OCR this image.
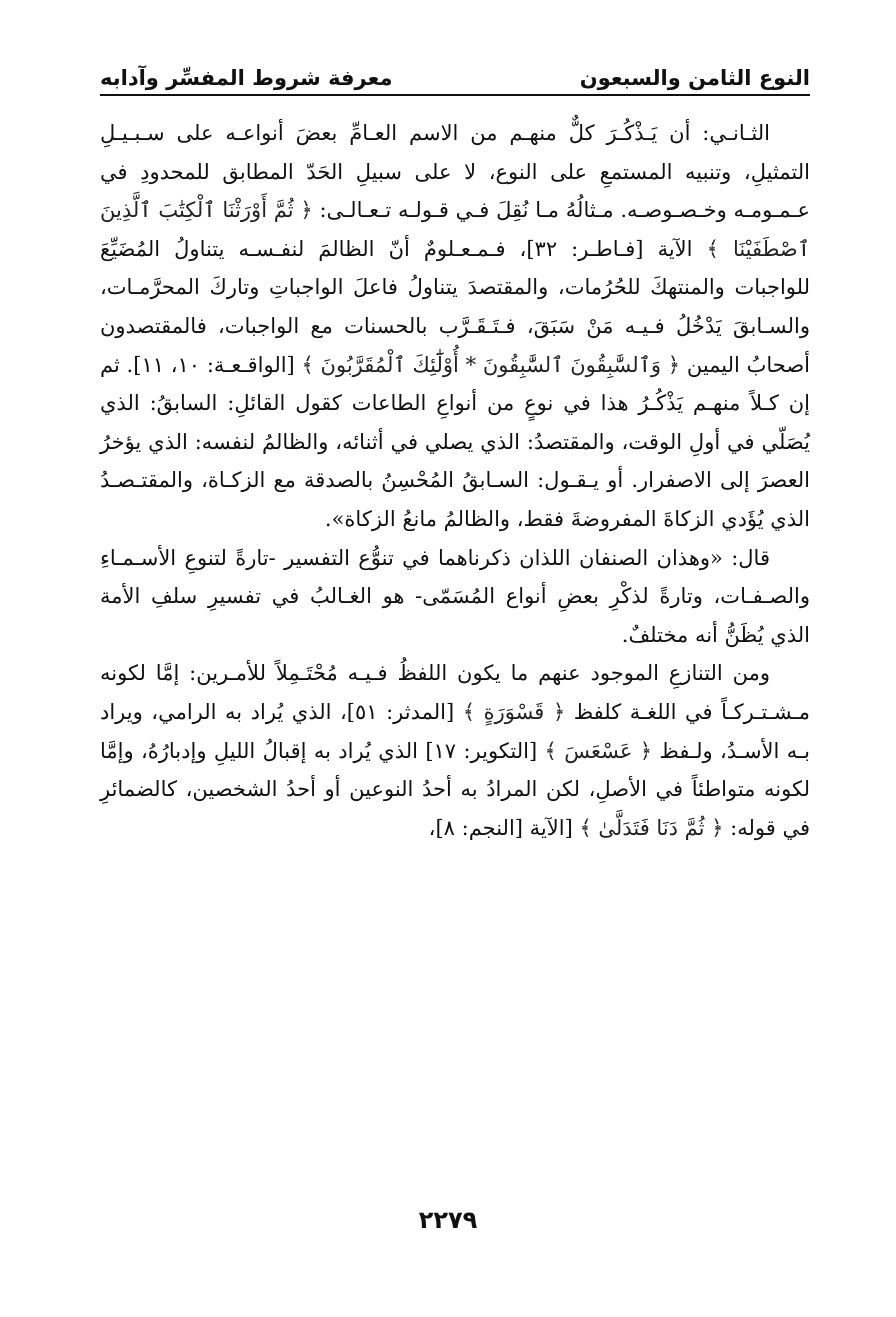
النوع الثامن والسبعون
معرفة شروط المفسِّر وآدابه

الثـانـي: أن يَـذْكُـرَ كلٌّ منهـم من الاسم العـامِّ بعضَ أنواعـه على سـبـيـلِ التمثيلِ، وتنبيه المستمعِ على النوع، لا على سبيلِ الحَدّ المطابق للمحدودِ في عـمـومـه وخـصـوصـه. مـثالُهُ مـا نُقِلَ فـي قـولـه تـعـالـى: ﴿ ثُمَّ أَوْرَثْنَا ٱلْكِتَٰبَ ٱلَّذِينَ ٱصْطَفَيْنَا ﴾ الآية [فـاطـر: ٣٢]، فـمـعـلومٌ أنّ الظالمَ لنفـسـه يتناولُ المُضَيِّعَ للواجبات والمنتهكَ للحُرُمات، والمقتصدَ يتناولُ فاعلَ الواجباتِ وتاركَ المحرَّمـات، والسـابقَ يَدْخُلُ فـيـه مَنْ سَبَقَ، فـتَـقَـرَّب بالحسنات مع الواجبات، فالمقتصدون أصحابُ اليمين ﴿ وَٱلسَّٰبِقُونَ ٱلسَّٰبِقُونَ * أُوْلَٰٓئِكَ ٱلْمُقَرَّبُونَ ﴾ [الواقـعـة: ١٠، ١١]. ثم إن كـلاً منهـم يَذْكُـرُ هذا في نوعٍ من أنواعِ الطاعات كقول القائلِ: السابقُ: الذي يُصَلّي في أولِ الوقت، والمقتصدُ: الذي يصلي في أثنائه، والظالمُ لنفسه: الذي يؤخرُ العصرَ إلى الاصفرار. أو يـقـول: السـابقُ المُحْسِنُ بالصدقة مع الزكـاة، والمقتـصـدُ الذي يُؤَدي الزكاةَ المفروضةَ فقط، والظالمُ مانعُ الزكاة».

قال: «وهذان الصنفان اللذان ذكرناهما في تنوُّع التفسير -تارةً لتنوعِ الأسـمـاءِ والصـفـات، وتارةً لذكْرِ بعضِ أنواع المُسَمّى- هو الغـالبُ في تفسيرِ سلفِ الأمة الذي يُظَنُّ أنه مختلفٌ.

ومن التنازعِ الموجود عنهم ما يكون اللفظُ فـيـه مُحْتَـمِلاً للأمـرين: إمَّا لكونه مـشـتـركـاً في اللغـة كلفظ ﴿ قَسْوَرَةٍ ﴾ [المدثر: ٥١]، الذي يُراد به الرامي، ويراد بـه الأسـدُ، ولـفظ ﴿ عَسْعَسَ ﴾ [التكوير: ١٧] الذي يُراد به إقبالُ الليلِ وإدبارُهُ، وإمَّا لكونه متواطئاً في الأصلِ، لكن المرادُ به أحدُ النوعين أو أحدُ الشخصين، كالضمائرِ في قوله: ﴿ ثُمَّ دَنَا فَتَدَلَّىٰ ﴾ [الآية [النجم: ٨]،

٢٢٧٩
